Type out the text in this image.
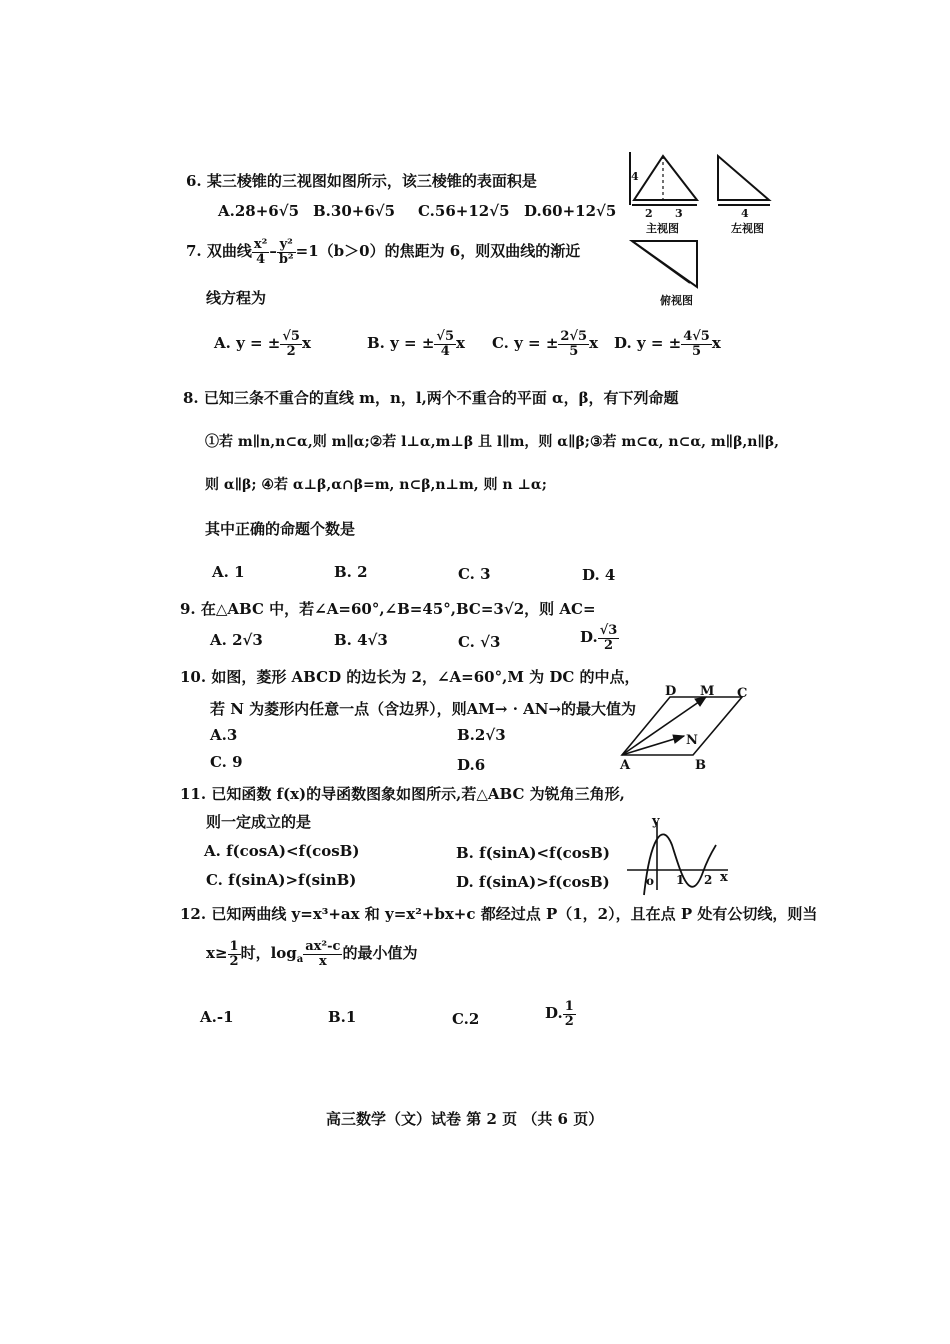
6. 某三棱锥的三视图如图所示，该三棱锥的表面积是
A.28+6√5 B.30+6√5 C.56+12√5 D.60+12√5
4
2 3	4
主视图	左视图
俯视图
7. 双曲线 $\frac{\text{x²}}{4} - \frac{\text{y²}}{\text{b²}} =1(b>0)$的焦距为 6，则双曲线的渐近
线方程为
A. y = ± $\frac{√5}{2}$ x	B. y = ± $\frac{√5}{4}$ x C. y = ± $\frac{2√5}{5}$ x D. y = ± $\frac{4√5}{5}$ x
8. 已知三条不重合的直线 m，n，l,两个不重合的平面 α，β，有下列命题
①若 m∥n,n⊂α,则 m∥α;②若 l⊥α,m⊥β 且 l∥m，则 α∥β;③若 m⊂α, n⊂α, m∥β,n∥β,
则 α∥β; ④若 α⊥β,α∩β=m, n⊂β,n⊥m, 则 n ⊥α;
其中正确的命题个数是
A. 1	B. 2	C. 3	D. 4
9. 在△ABC 中，若∠A=60°,∠B=45°,BC=3√2，则 AC=
A. 2√3	B. 4√3	C. √3	D. $\frac{√3}{2}$
10. 如图，菱形 ABCD 的边长为 2，∠A=60°,M 为 DC 的中点，
若 N 为菱形内任意一点（含边界），则AM→ · AN→的最大值为
A.3	B.2√3
C. 9	D.6	A	B
C
D M
N
11. 已知函数 f(x)的导函数图象如图所示,若△ABC 为锐角三角形,
则一定成立的是
A. f(cosA)<f(cosB)	B. f(sinA)<f(cosB)
C. f(sinA)>f(sinB)	D. f(sinA)>f(cosB)
y
x
o 1 2
12. 已知两曲线 y=x³+ax 和 y=x²+bx+c 都经过点 P（1，2），且在点 P 处有公切线，则当
$x\ge \frac{1}{2}$ 时，$\log_a \frac{\text{ax²-c}}{x}$ 的最小值为
A.-1	B.1	C.2	D. $\frac{1}{2}$
高三数学（文）试卷 第 2 页 （共 6 页）
